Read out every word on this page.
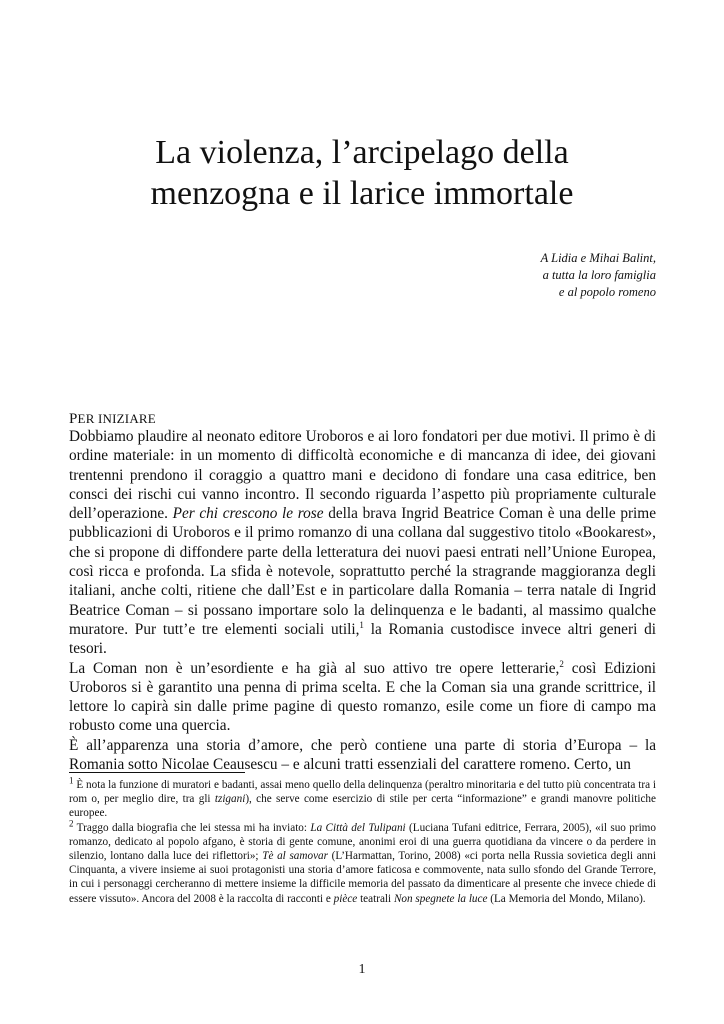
La violenza, l’arcipelago della
menzogna e il larice immortale
A Lidia e Mihai Balint,
a tutta la loro famiglia
e al popolo romeno
PER INIZIARE

Dobbiamo plaudire al neonato editore Uroboros e ai loro fondatori per due motivi. Il primo è di ordine materiale: in un momento di difficoltà economiche e di mancanza di idee, dei giovani trentenni prendono il coraggio a quattro mani e decidono di fondare una casa editrice, ben consci dei rischi cui vanno incontro. Il secondo riguarda l’aspetto più propriamente culturale dell’operazione. Per chi crescono le rose della brava Ingrid Beatrice Coman è una delle prime pubblicazioni di Uroboros e il primo romanzo di una collana dal suggestivo titolo «Bookarest», che si propone di diffondere parte della letteratura dei nuovi paesi entrati nell’Unione Europea, così ricca e profonda. La sfida è notevole, soprattutto perché la stragrande maggioranza degli italiani, anche colti, ritiene che dall’Est e in particolare dalla Romania – terra natale di Ingrid Beatrice Coman – si possano importare solo la delinquenza e le badanti, al massimo qualche muratore. Pur tutt’e tre elementi sociali utili,$^1$ la Romania custodisce invece altri generi di tesori.

La Coman non è un’esordiente e ha già al suo attivo tre opere letterarie,$^2$ così Edizioni Uroboros si è garantito una penna di prima scelta. E che la Coman sia una grande scrittrice, il lettore lo capirà sin dalle prime pagine di questo romanzo, esile come un fiore di campo ma robusto come una quercia.

È all’apparenza una storia d’amore, che però contiene una parte di storia d’Europa – la Romania sotto Nicolae Ceausescu – e alcuni tratti essenziali del carattere romeno. Certo, un

$^1$ È nota la funzione di muratori e badanti, assai meno quello della delinquenza (peraltro minoritaria e del tutto più concentrata tra i rom o, per meglio dire, tra gli tzigani), che serve come esercizio di stile per certa “informazione” e grandi manovre politiche europee.

$^2$ Traggo dalla biografia che lei stessa mi ha inviato: La Città del Tulipani (Luciana Tufani editrice, Ferrara, 2005), «il suo primo romanzo, dedicato al popolo afgano, è storia di gente comune, anonimi eroi di una guerra quotidiana da vincere o da perdere in silenzio, lontano dalla luce dei riflettori»; Tè al samovar (L’Harmattan, Torino, 2008) «ci porta nella Russia sovietica degli anni Cinquanta, a vivere insieme ai suoi protagonisti una storia d’amore faticosa e commovente, nata sullo sfondo del Grande Terrore, in cui i personaggi cercheranno di mettere insieme la difficile memoria del passato da dimenticare al presente che invece chiede di essere vissuto». Ancora del 2008 è la raccolta di racconti e pièce teatrali Non spegnete la luce (La Memoria del Mondo, Milano).

1
